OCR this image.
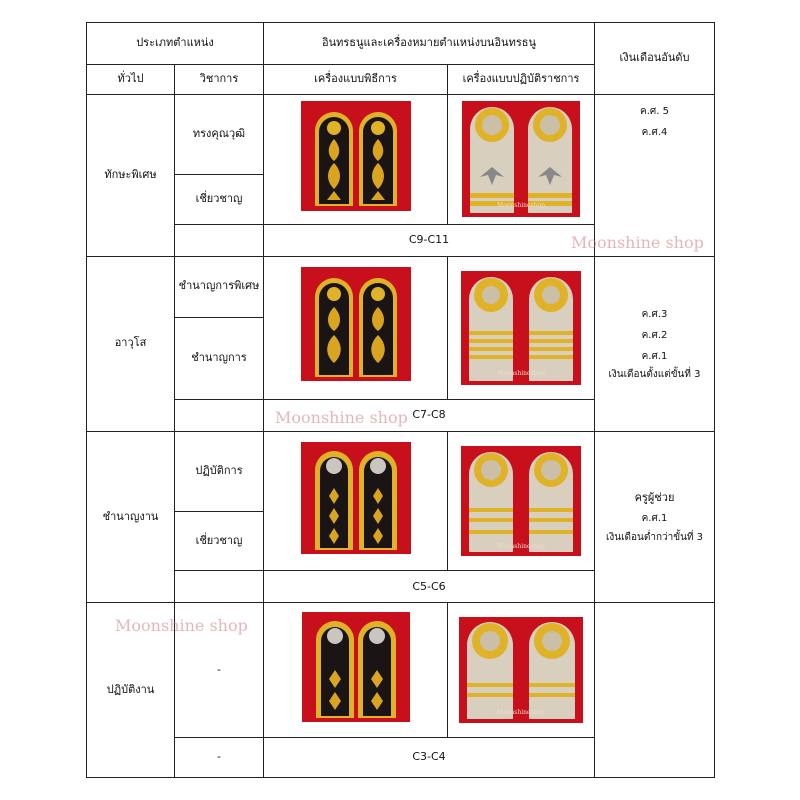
ประเภทตำแหน่ง		อินทรธนูและเครื่องหมายตำแหน่งบนอินทรธนู		เงินเดือนอันดับ
ทั่วไป	วิชาการ	เครื่องแบบพิธีการ	เครื่องแบบปฏิบัติราชการ	
ทักษะพิเศษ	ทรงคุณวุฒิ		Moonshineshop	ค.ศ. 5
ค.ศ.4

	เชี่ยวชาญ			
		C9-C11		
อาวุโส	ชำนาญการพิเศษ		Moonshineshop	ค.ศ.3
ค.ศ.2
ค.ศ.1
เงินเดือนตั้งแต่ขั้นที่ 3

	ชำนาญการ			
		C7-C8		
ชำนาญงาน	ปฏิบัติการ		Moonshineshop	ครูผู้ช่วย
ค.ศ.1
เงินเดือนต่ำกว่าขั้นที่ 3

	เชี่ยวชาญ			
		C5-C6		
ปฏิบัติงาน	-		Moonshineshop	

	-	C3-C4		
Moonshine shop
Moonshine shop
Moonshine shop
